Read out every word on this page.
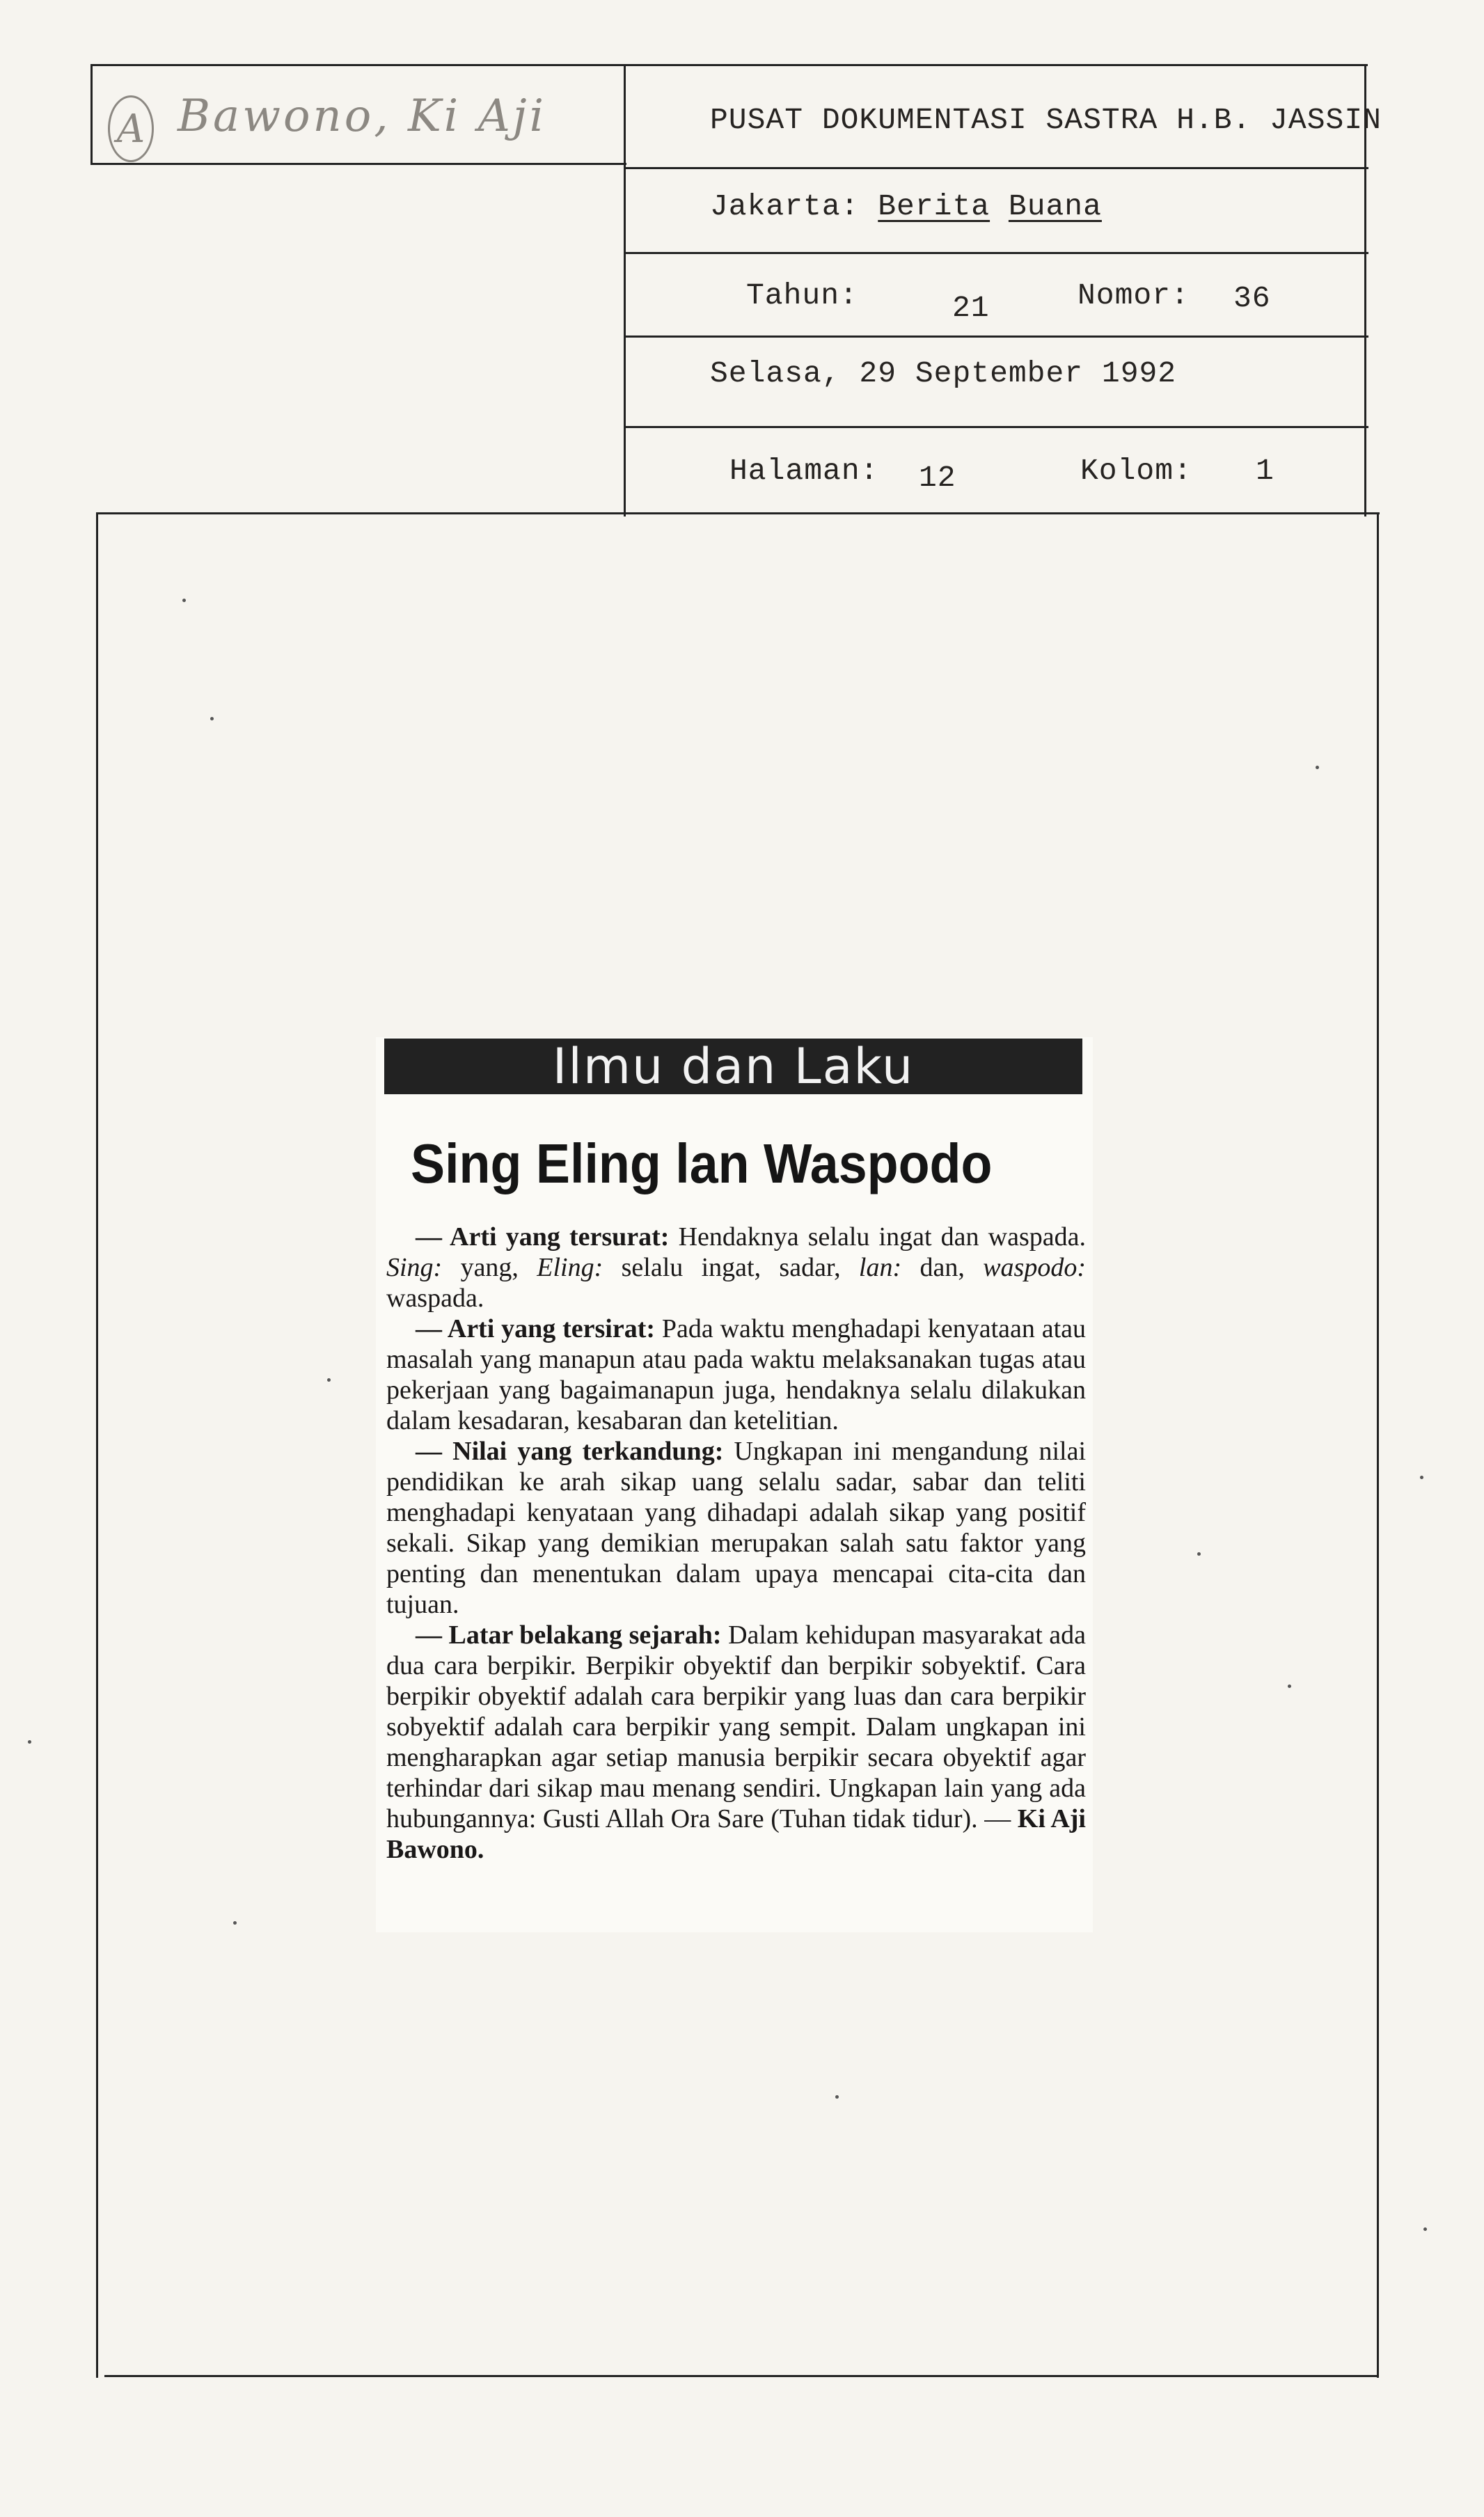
A Bawono, Ki Aji	PUSAT DOKUMENTASI SASTRA H.B. JASSIN
Jakarta: Berita Buana
Tahun:	21	Nomor: 36
Selasa, 29 September 1992
Halaman: 12	Kolom: 1
Ilmu dan Laku
Sing Eling lan Waspodo

— Arti yang tersurat: Hendaknya selalu ingat dan waspada. Sing: yang, Eling: selalu ingat, sadar, lan: dan, waspodo: waspada.

— Arti yang tersirat: Pada waktu menghadapi kenyataan atau masalah yang manapun atau pada waktu melaksanakan tugas atau pekerjaan yang bagaimanapun juga, hendaknya selalu dilakukan dalam kesadaran, kesabaran dan ketelitian.

— Nilai yang terkandung: Ungkapan ini mengandung nilai pendidikan ke arah sikap uang selalu sadar, sabar dan teliti menghadapi kenyataan yang dihadapi adalah sikap yang positif sekali. Sikap yang demikian merupakan salah satu faktor yang penting dan menentukan dalam upaya mencapai cita-cita dan tujuan.

— Latar belakang sejarah: Dalam kehidupan masyarakat ada dua cara berpikir. Berpikir obyektif dan berpikir sobyektif. Cara berpikir obyektif adalah cara berpikir yang luas dan cara berpikir sobyektif adalah cara berpikir yang sempit. Dalam ungkapan ini mengharapkan agar setiap manusia berpikir secara obyektif agar terhindar dari sikap mau menang sendiri. Ungkapan lain yang ada hubungannya: Gusti Allah Ora Sare (Tuhan tidak tidur). — Ki Aji Bawono.
